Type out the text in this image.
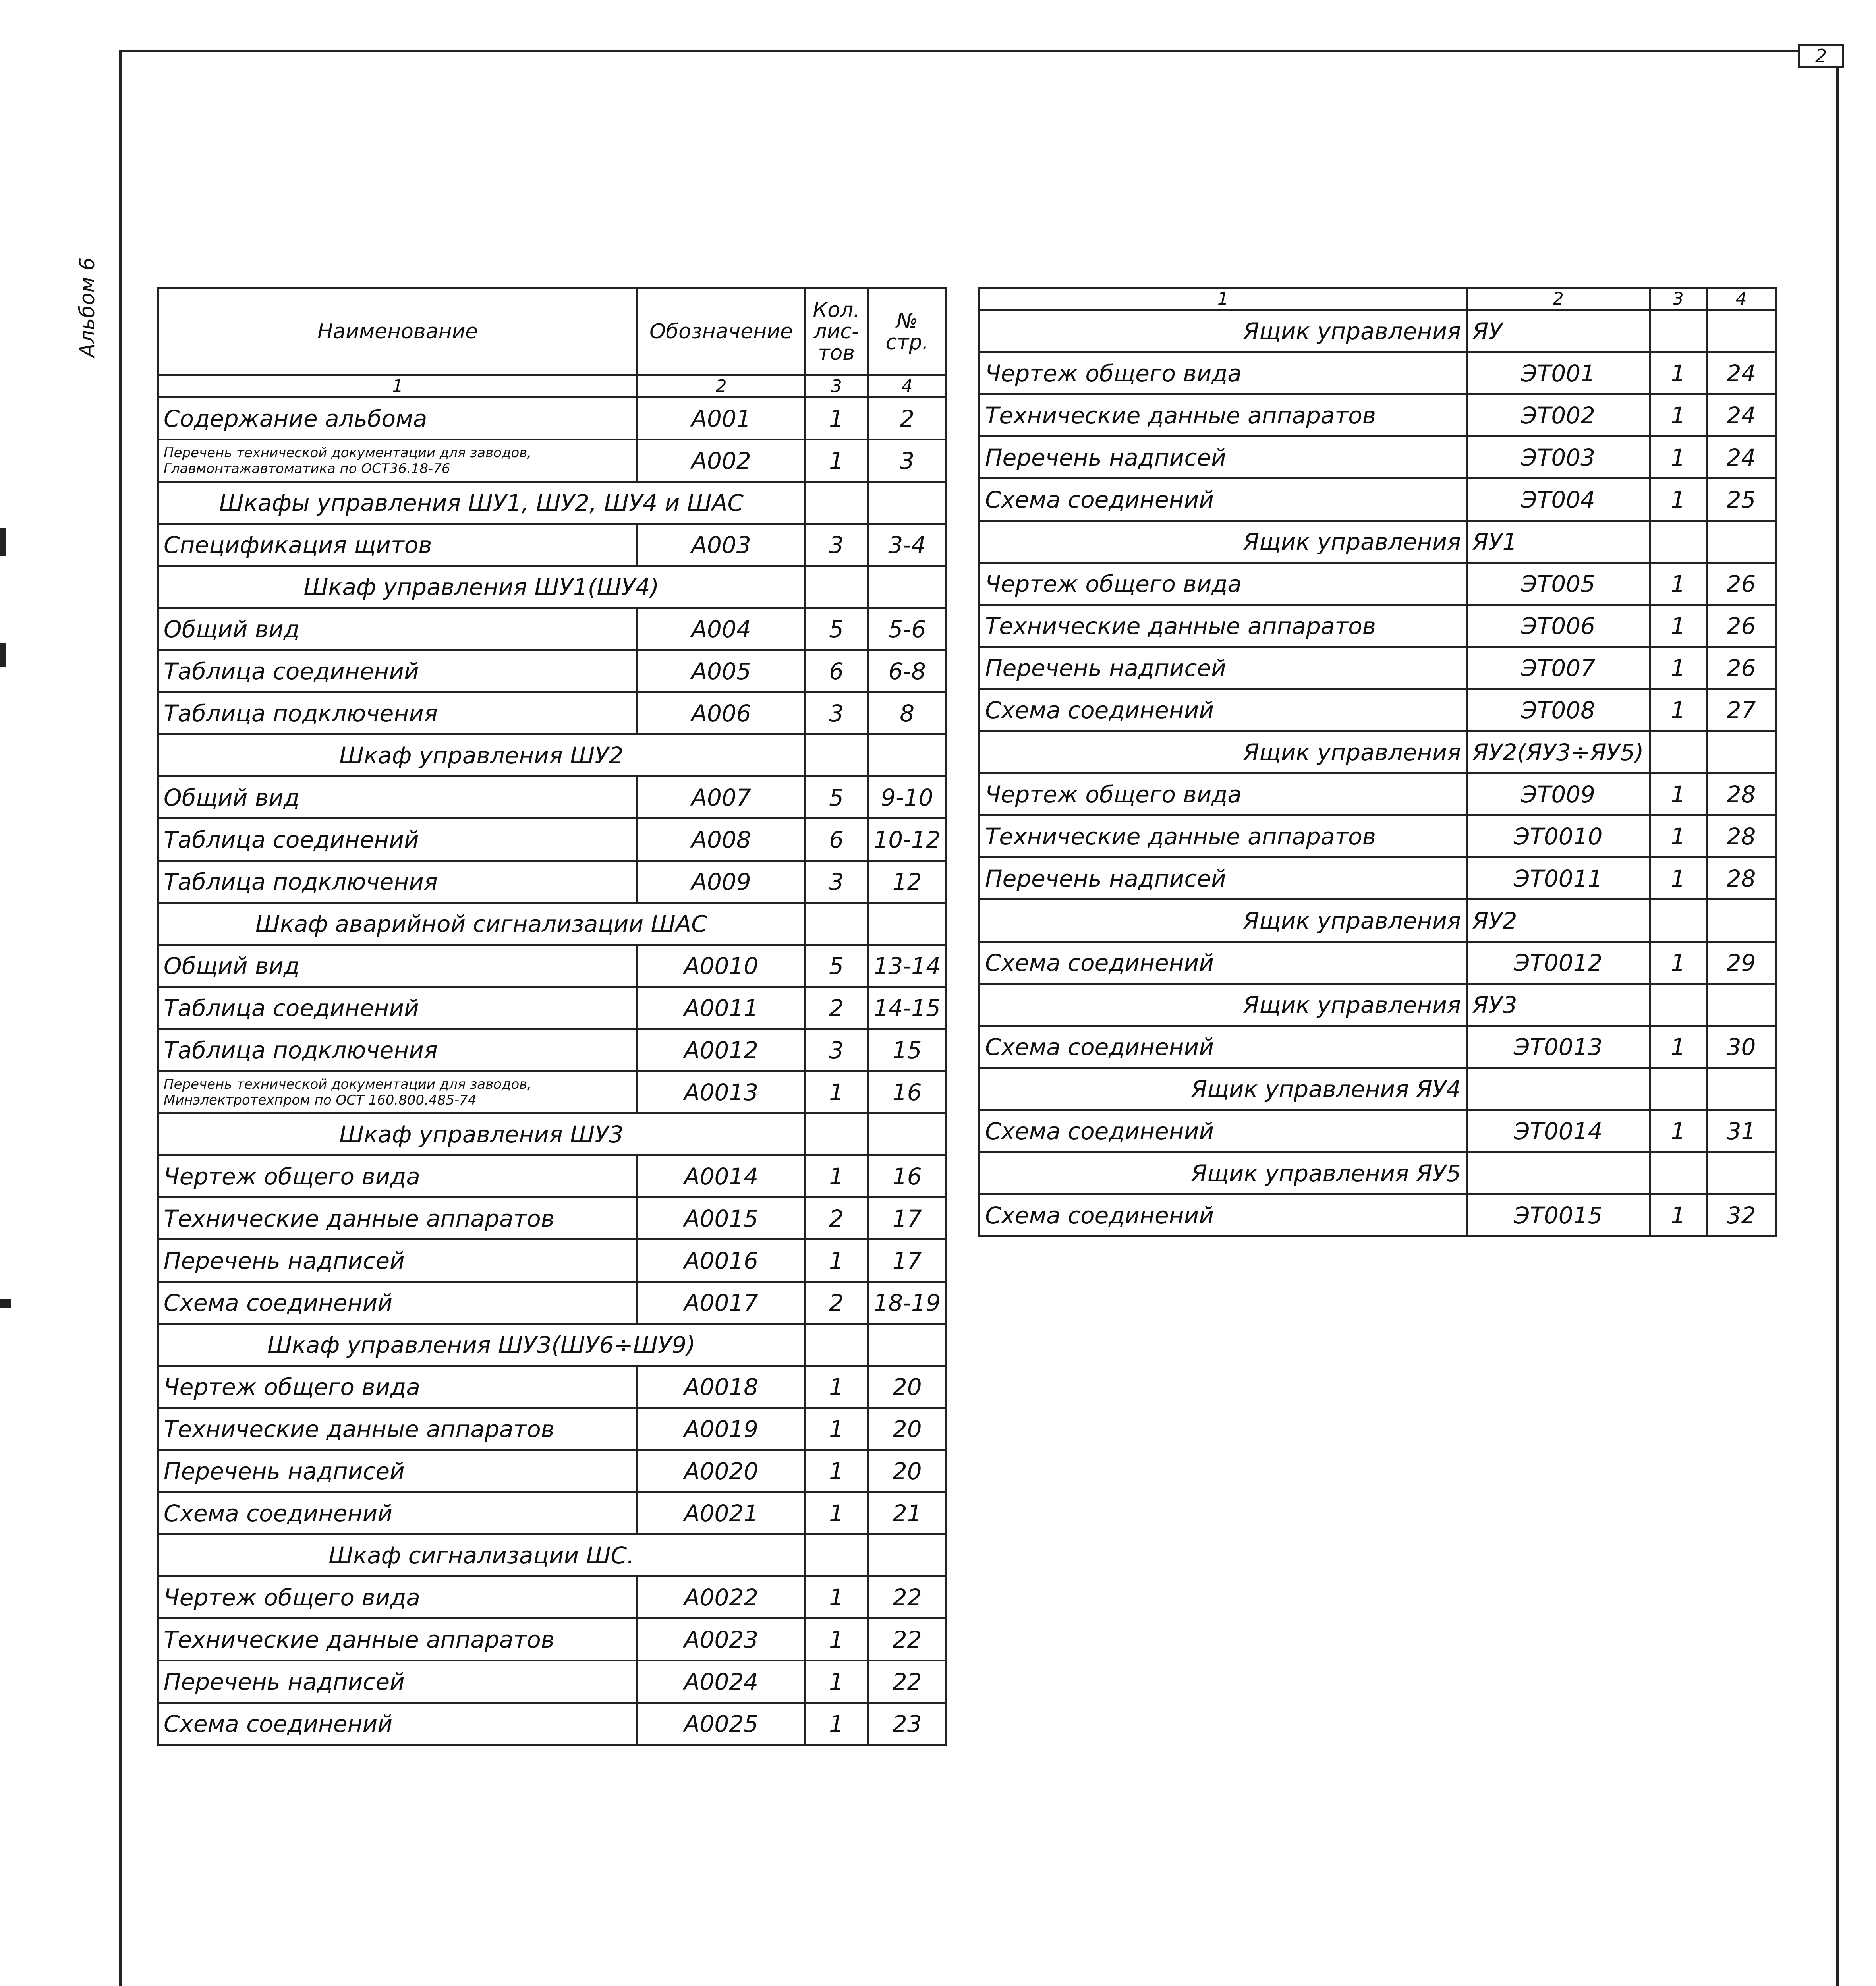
2
Альбом 6	Наименование	Обозначение	Кол. лис-тов	№ стр.
1	2	3	4
Содержание альбома	А001	1	2
Перечень технической документации для заводов, Главмонтажавтоматика по ОСТ36.18-76	А002	1	3
Шкафы управления ШУ1, ШУ2, ШУ4 и ШАС			
Спецификация щитов	А003	3	3-4
Шкаф управления ШУ1(ШУ4)			
Общий вид	А004	5	5-6
Таблица соединений	А005	6	6-8
Таблица подключения	А006	3	8
Шкаф управления ШУ2			
Общий вид	А007	5	9-10
Таблица соединений	А008	6	10-12
Таблица подключения	А009	3	12
Шкаф аварийной сигнализации ШАС			
Общий вид	А0010	5	13-14
Таблица соединений	А0011	2	14-15
Таблица подключения	А0012	3	15
Перечень технической документации для заводов, Минэлектротехпром по ОСТ 160.800.485-74	А0013	1	16
Шкаф управления ШУ3			
Чертеж общего вида	А0014	1	16
Технические данные аппаратов	А0015	2	17
Перечень надписей	А0016	1	17
Схема соединений	А0017	2	18-19
Шкаф управления ШУ3(ШУ6÷ШУ9)			
Чертеж общего вида	А0018	1	20
Технические данные аппаратов	А0019	1	20
Перечень надписей	А0020	1	20
Схема соединений	А0021	1	21
Шкаф сигнализации ШС.			
Чертеж общего вида	А0022	1	22
Технические данные аппаратов	А0023	1	22
Перечень надписей	А0024	1	22
Схема соединений	А0025	1	23
1	2	3	4
Ящик управления	ЯУ		
Чертеж общего вида	ЭТ001	1	24
Технические данные аппаратов	ЭТ002	1	24
Перечень надписей	ЭТ003	1	24
Схема соединений	ЭТ004	1	25
Ящик управления	ЯУ1		
Чертеж общего вида	ЭТ005	1	26
Технические данные аппаратов	ЭТ006	1	26
Перечень надписей	ЭТ007	1	26
Схема соединений	ЭТ008	1	27
Ящик управления	ЯУ2(ЯУ3÷ЯУ5)		
Чертеж общего вида	ЭТ009	1	28
Технические данные аппаратов	ЭТ0010	1	28
Перечень надписей	ЭТ0011	1	28
Ящик управления	ЯУ2		
Схема соединений	ЭТ0012	1	29
Ящик управления	ЯУ3		
Схема соединений	ЭТ0013	1	30
Ящик управления ЯУ4			
Схема соединений	ЭТ0014	1	31
Ящик управления ЯУ5			
Схема соединений	ЭТ0015	1	32
